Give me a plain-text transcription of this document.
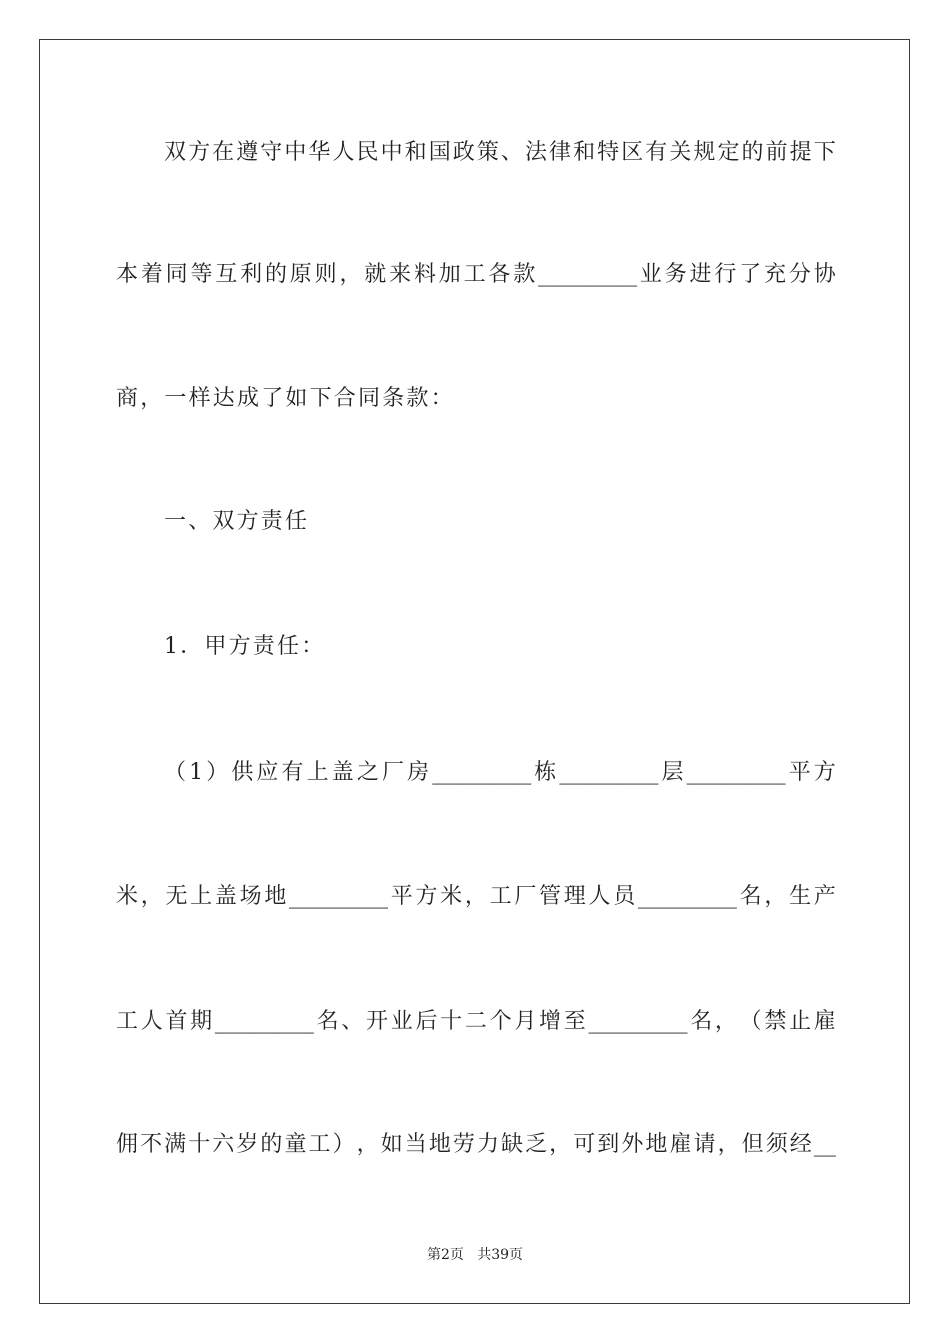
双 方 在 遵 守 中 华 人 民 中 和 国 政 策 、 法 律 和 特 区 有 关 规 定 的 前 提 下
本 着 同 等 互 利 的 原 则 ， 就 来 料 加 工 各 款 _________ 业 务 进 行 了 充 分 协
商，一样达成了如下合同条款：
一、双方责任
1．甲方责任：
（ 1 ） 供 应 有 上 盖 之 厂 房 _________ 栋 _________ 层 _________ 平 方
米 ， 无 上 盖 场 地 _________ 平 方 米 ， 工 厂 管 理 人 员 _________ 名 ， 生 产
工 人 首 期 _________ 名 、 开 业 后 十 二 个 月 增 至 _________ 名 ， （ 禁 止 雇
佣 不 满 十 六 岁 的 童 工 ） ， 如 当 地 劳 力 缺 乏 ， 可 到 外 地 雇 请 ， 但 须 经 __
第2页   共39页
